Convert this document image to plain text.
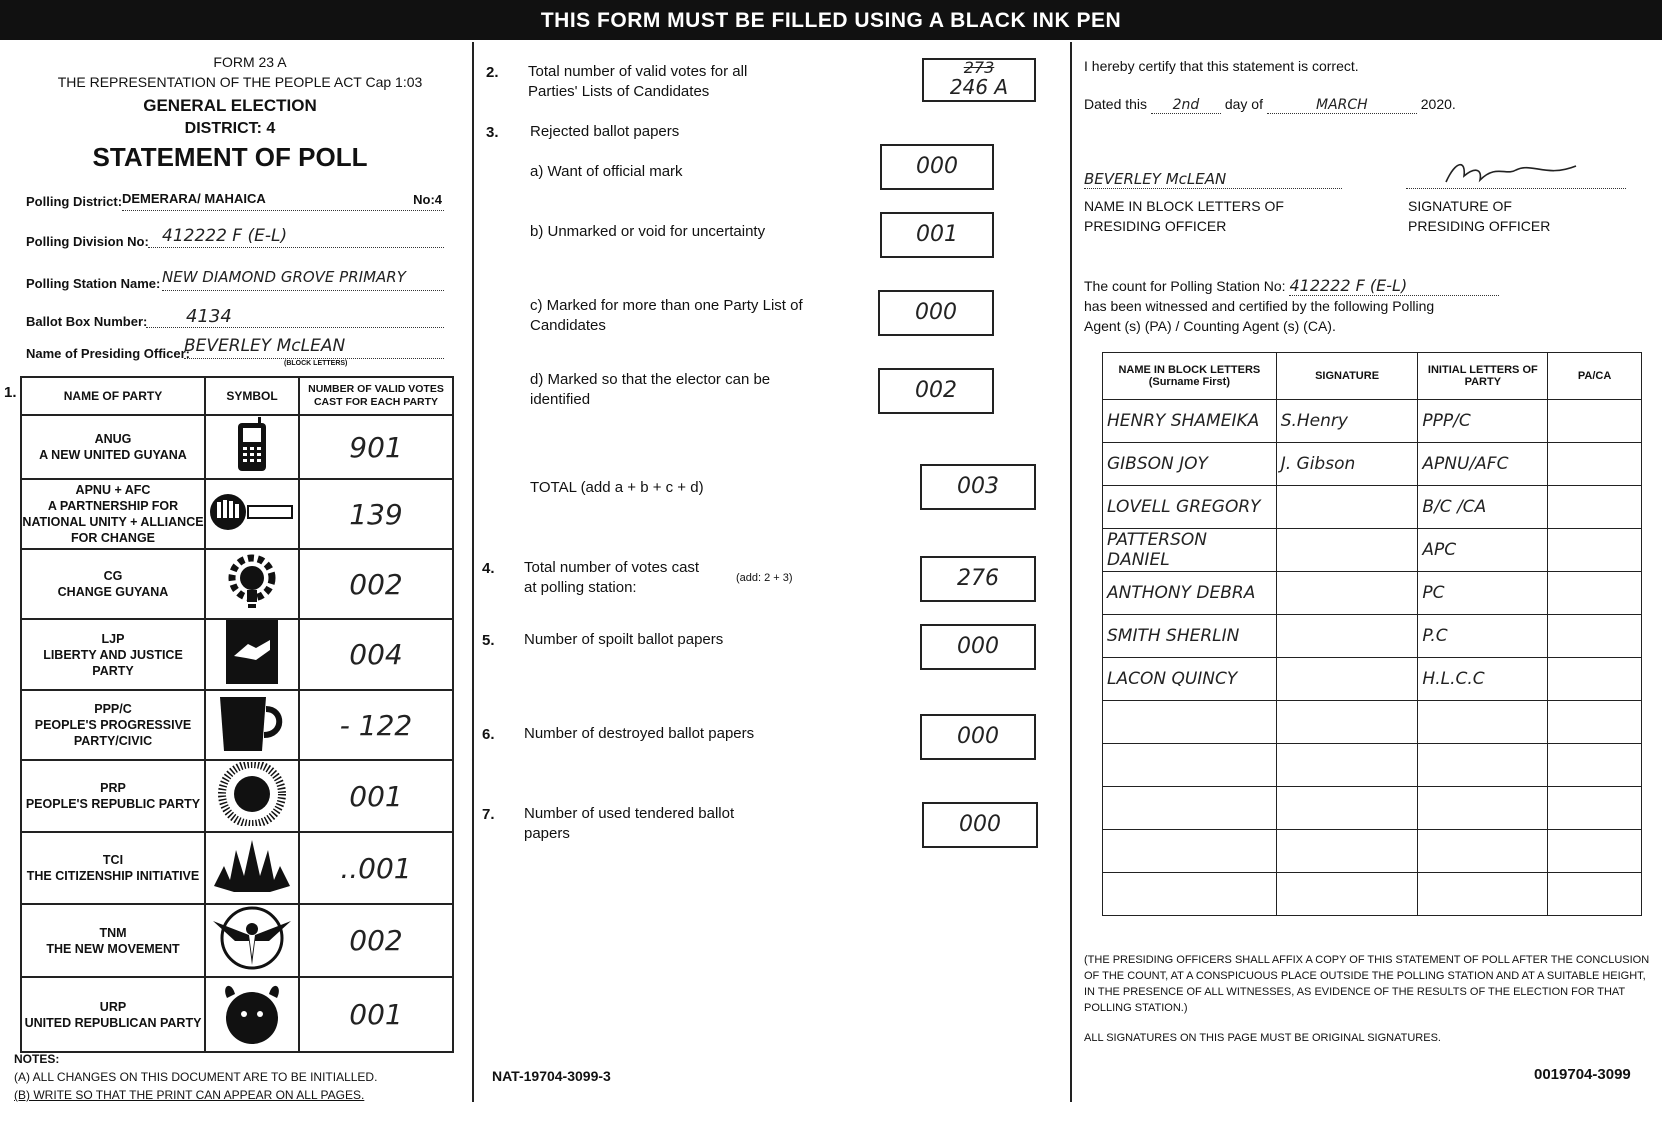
THIS FORM MUST BE FILLED USING A BLACK INK PEN
FORM 23 A
THE REPRESENTATION OF THE PEOPLE ACT Cap 1:03
GENERAL ELECTION
DISTRICT: 4
STATEMENT OF POLL
Polling District: DEMERARA/ MAHAICA	No:4
Polling Division No: 412222 F (E-L)
Polling Station Name: NEW DIAMOND GROVE PRIMARY
Ballot Box Number:	4134
Name of Presiding Officer:
BEVERLEY McLEAN
(BLOCK LETTERS)
1.	NAME OF PARTY	SYMBOL	NUMBER OF VALID VOTES CAST FOR EACH PARTY

ANUG
A NEW UNITED GUYANA		901

APNU + AFC
A PARTNERSHIP FOR NATIONAL UNITY + ALLIANCE FOR CHANGE		139

CG
CHANGE GUYANA		002

LJP
LIBERTY AND JUSTICE PARTY		004

PPP/C
PEOPLE'S PROGRESSIVE PARTY/CIVIC		- 122

PRP
PEOPLE'S REPUBLIC PARTY		001

TCI
THE CITIZENSHIP INITIATIVE		..001

TNM
THE NEW MOVEMENT		002

URP
UNITED REPUBLICAN PARTY		001
NOTES:
(A) ALL CHANGES ON THIS DOCUMENT ARE TO BE INITIALLED.
(B) WRITE SO THAT THE PRINT CAN APPEAR ON ALL PAGES.
2. Total number of valid votes for all Parties' Lists of Candidates
273
246 A
3. Rejected ballot papers
a) Want of official mark	000
b) Unmarked or void for uncertainty	001
c) Marked for more than one Party List of Candidates
000
d) Marked so that the elector can be identified	002
TOTAL (add a + b + c + d)	003
4. Total number of votes cast at polling station:
(add: 2 + 3)	276
5. Number of spoilt ballot papers	000
6. Number of destroyed ballot papers	000
7. Number of used tendered ballot papers	000
NAT-19704-3099-3
I hereby certify that this statement is correct.
Dated this 2nd day of	MARCH	2020.
BEVERLEY McLEAN
NAME IN BLOCK LETTERS OF
PRESIDING OFFICER
SIGNATURE OF
PRESIDING OFFICER
The count for Polling Station No: 412222 F (E-L)
has been witnessed and certified by the following Polling
Agent (s) (PA) / Counting Agent (s) (CA).
NAME IN BLOCK LETTERS (Surname First)	SIGNATURE	INITIAL LETTERS OF PARTY	PA/CA
HENRY SHAMEIKA	S.Henry	PPP/C	
GIBSON JOY	J. Gibson	APNU/AFC	
LOVELL GREGORY		B/C /CA	
PATTERSON DANIEL		APC	
ANTHONY DEBRA		PC	
SMITH SHERLIN		P.C	
LACON QUINCY		H.L.C.C	

(THE PRESIDING OFFICERS SHALL AFFIX A COPY OF THIS STATEMENT OF POLL AFTER THE CONCLUSION OF THE COUNT, AT A CONSPICUOUS PLACE OUTSIDE THE POLLING STATION AND AT A SUITABLE HEIGHT, IN THE PRESENCE OF ALL WITNESSES, AS EVIDENCE OF THE RESULTS OF THE ELECTION FOR THAT POLLING STATION.)
ALL SIGNATURES ON THIS PAGE MUST BE ORIGINAL SIGNATURES.
0019704-3099
